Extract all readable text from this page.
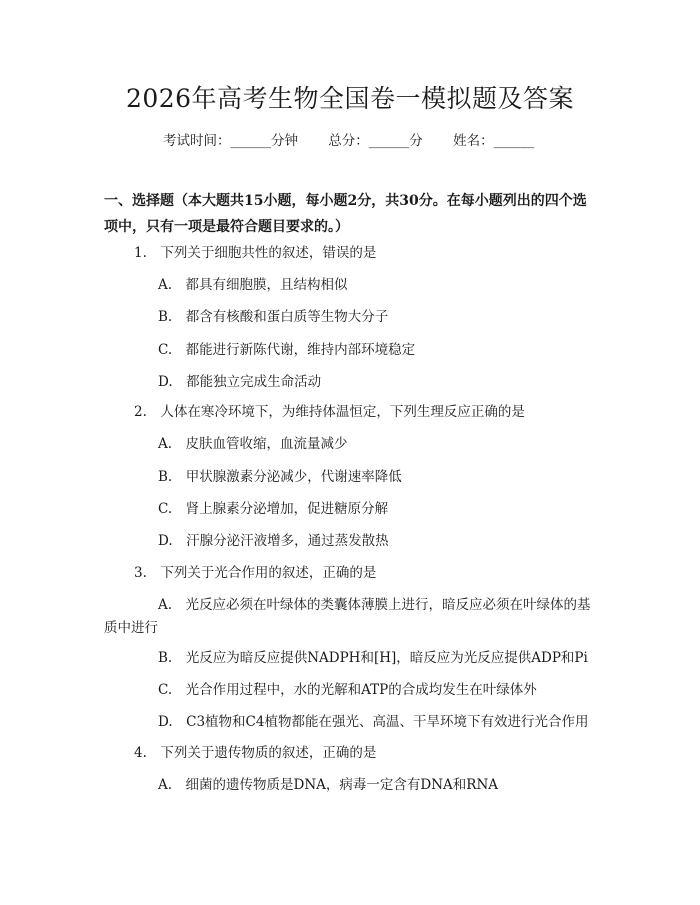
2026年高考生物全国卷一模拟题及答案
考试时间：______分钟 总分：______分 姓名：______
一、选择题（本大题共15小题，每小题2分，共30分。在每小题列出的四个选项中，只有一项是最符合题目要求的。）
1.　下列关于细胞共性的叙述，错误的是
A.　都具有细胞膜，且结构相似
B.　都含有核酸和蛋白质等生物大分子
C.　都能进行新陈代谢，维持内部环境稳定
D.　都能独立完成生命活动
2.　人体在寒冷环境下，为维持体温恒定，下列生理反应正确的是
A.　皮肤血管收缩，血流量减少
B.　甲状腺激素分泌减少，代谢速率降低
C.　肾上腺素分泌增加，促进糖原分解
D.　汗腺分泌汗液增多，通过蒸发散热
3.　下列关于光合作用的叙述，正确的是
A.　光反应必须在叶绿体的类囊体薄膜上进行，暗反应必须在叶绿体的基
质中进行
B.　光反应为暗反应提供NADPH和[H]，暗反应为光反应提供ADP和Pi
C.　光合作用过程中，水的光解和ATP的合成均发生在叶绿体外
D.　C3植物和C4植物都能在强光、高温、干旱环境下有效进行光合作用
4.　下列关于遗传物质的叙述，正确的是
A.　细菌的遗传物质是DNA，病毒一定含有DNA和RNA
